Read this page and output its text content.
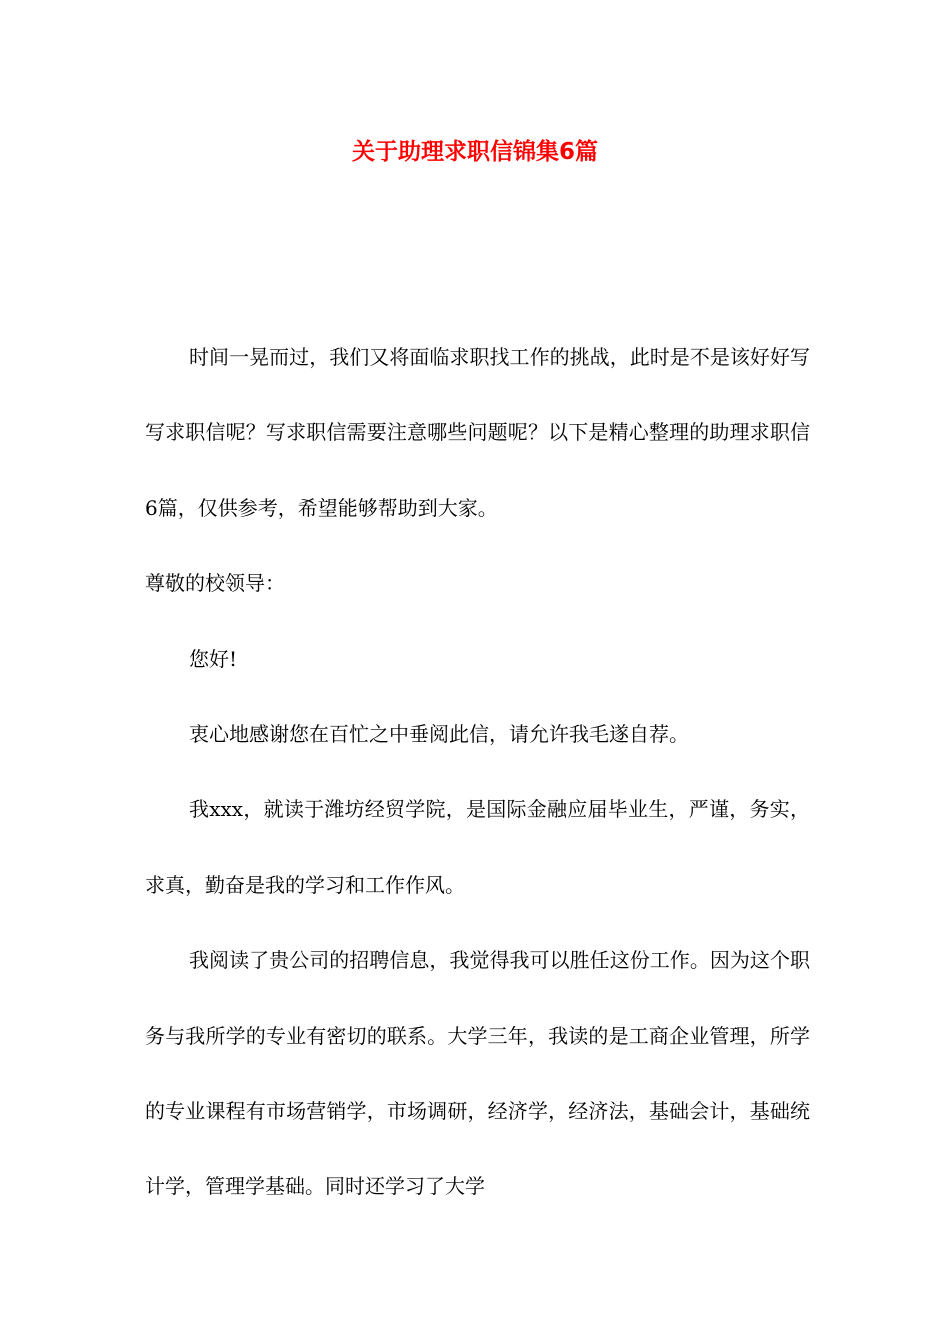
关于助理求职信锦集6篇

时间一晃而过，我们又将面临求职找工作的挑战，此时是不是该好好写写求职信呢？写求职信需要注意哪些问题呢？以下是精心整理的助理求职信6篇，仅供参考，希望能够帮助到大家。

尊敬的校领导：

您好!

衷心地感谢您在百忙之中垂阅此信，请允许我毛遂自荐。

我xxx，就读于潍坊经贸学院，是国际金融应届毕业生，严谨，务实，求真，勤奋是我的学习和工作作风。

我阅读了贵公司的招聘信息，我觉得我可以胜任这份工作。因为这个职务与我所学的专业有密切的联系。大学三年，我读的是工商企业管理，所学的专业课程有市场营销学，市场调研，经济学，经济法，基础会计，基础统计学，管理学基础。同时还学习了大学
